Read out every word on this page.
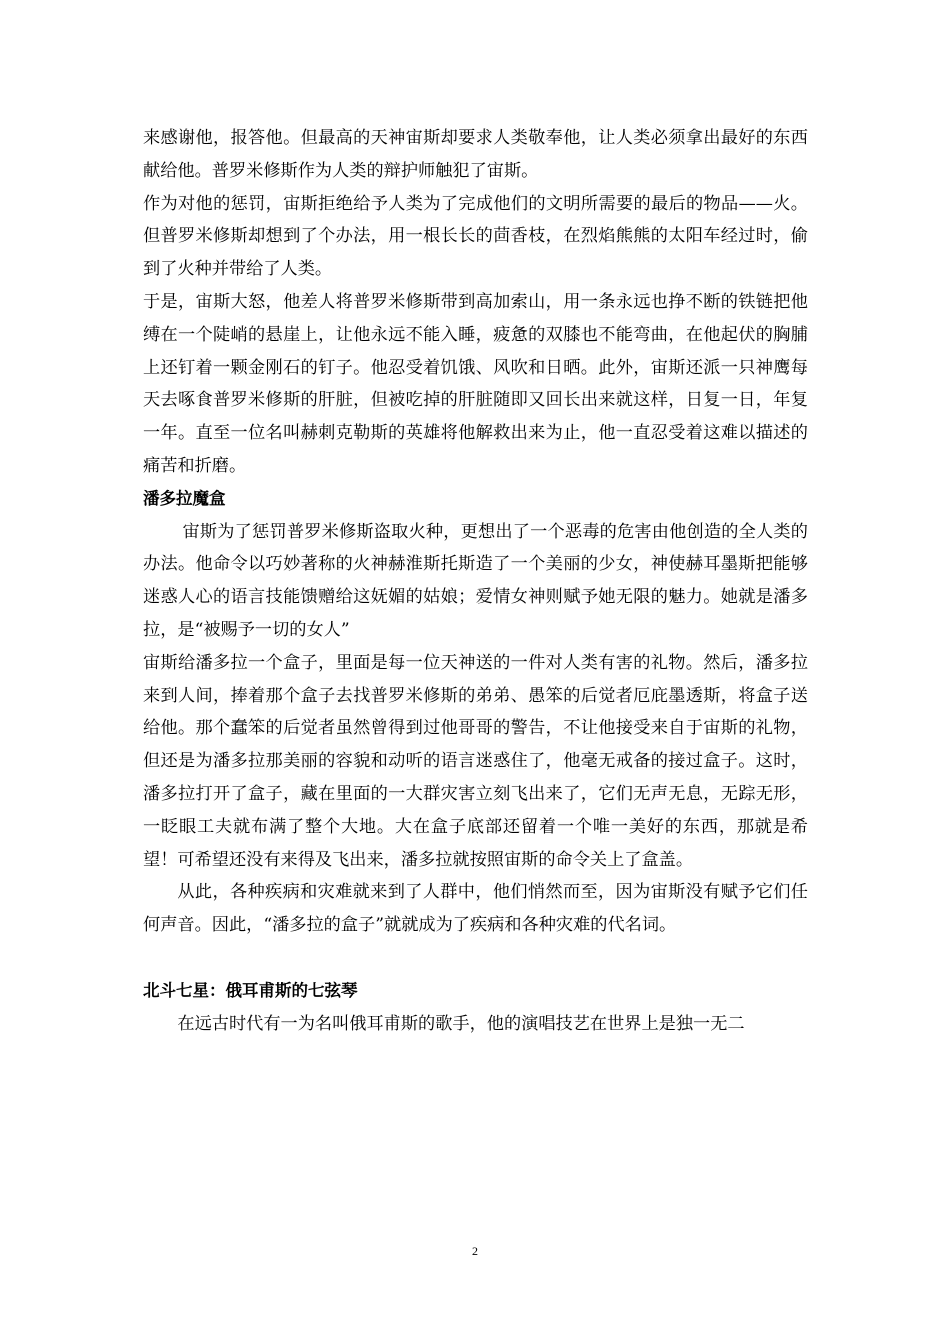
来感谢他，报答他。但最高的天神宙斯却要求人类敬奉他，让人类必须拿出最好的东西献给他。普罗米修斯作为人类的辩护师触犯了宙斯。

作为对他的惩罚，宙斯拒绝给予人类为了完成他们的文明所需要的最后的物品——火。但普罗米修斯却想到了个办法，用一根长长的茴香枝，在烈焰熊熊的太阳车经过时，偷到了火种并带给了人类。

于是，宙斯大怒，他差人将普罗米修斯带到高加索山，用一条永远也挣不断的铁链把他缚在一个陡峭的悬崖上，让他永远不能入睡，疲惫的双膝也不能弯曲，在他起伏的胸脯上还钉着一颗金刚石的钉子。他忍受着饥饿、风吹和日晒。此外，宙斯还派一只神鹰每天去啄食普罗米修斯的肝脏，但被吃掉的肝脏随即又回长出来就这样，日复一日，年复一年。直至一位名叫赫刺克勒斯的英雄将他解救出来为止，他一直忍受着这难以描述的痛苦和折磨。

潘多拉魔盒

宙斯为了惩罚普罗米修斯盗取火种，更想出了一个恶毒的危害由他创造的全人类的办法。他命令以巧妙著称的火神赫淮斯托斯造了一个美丽的少女，神使赫耳墨斯把能够迷惑人心的语言技能馈赠给这妩媚的姑娘；爱情女神则赋予她无限的魅力。她就是潘多拉，是“被赐予一切的女人”

宙斯给潘多拉一个盒子，里面是每一位天神送的一件对人类有害的礼物。然后，潘多拉来到人间，捧着那个盒子去找普罗米修斯的弟弟、愚笨的后觉者厄庇墨透斯，将盒子送给他。那个蠢笨的后觉者虽然曾得到过他哥哥的警告，不让他接受来自于宙斯的礼物，但还是为潘多拉那美丽的容貌和动听的语言迷惑住了，他毫无戒备的接过盒子。这时，潘多拉打开了盒子，藏在里面的一大群灾害立刻飞出来了，它们无声无息，无踪无形，一眨眼工夫就布满了整个大地。大在盒子底部还留着一个唯一美好的东西，那就是希望！可希望还没有来得及飞出来，潘多拉就按照宙斯的命令关上了盒盖。

从此，各种疾病和灾难就来到了人群中，他们悄然而至，因为宙斯没有赋予它们任何声音。因此，“潘多拉的盒子”就就成为了疾病和各种灾难的代名词。

北斗七星：俄耳甫斯的七弦琴

在远古时代有一为名叫俄耳甫斯的歌手，他的演唱技艺在世界上是独一无二

2
